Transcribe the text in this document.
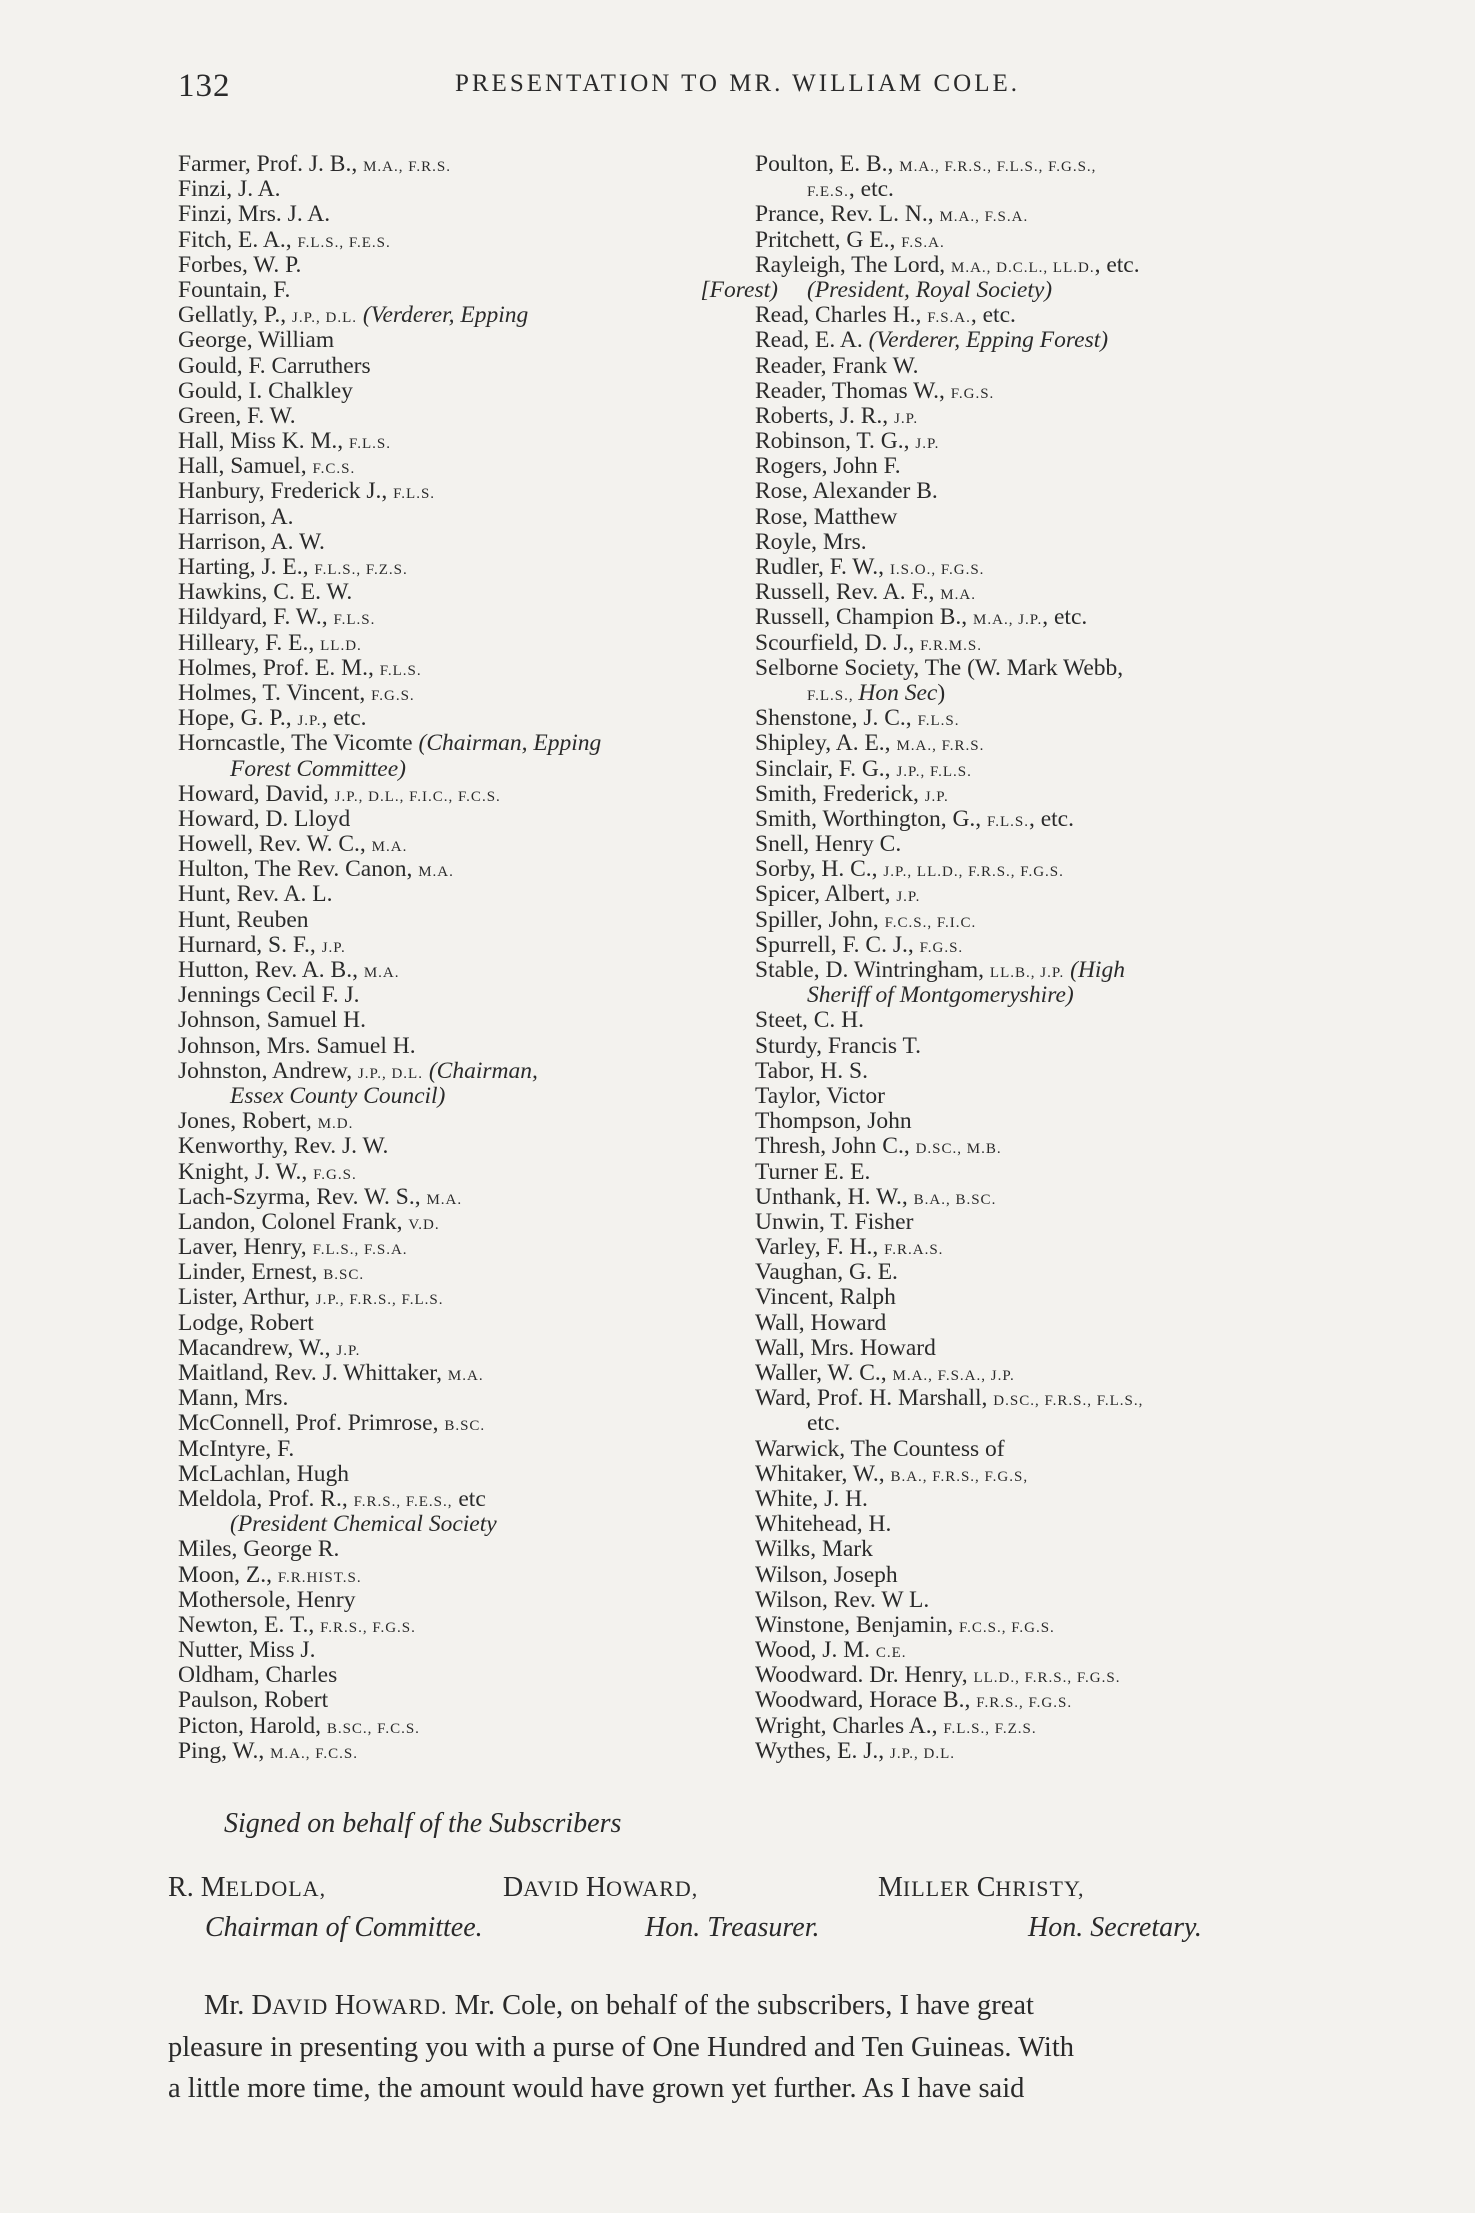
132	PRESENTATION TO MR. WILLIAM COLE.
Farmer, Prof. J. B., M.A., F.R.S.
Finzi, J. A.
Finzi, Mrs. J. A.
Fitch, E. A., F.L.S., F.E.S.
Forbes, W. P.
Fountain, F.	[Forest)
Gellatly, P., J.P., D.L. (Verderer, Epping
George, William
Gould, F. Carruthers
Gould, I. Chalkley
Green, F. W.
Hall, Miss K. M., F.L.S.
Hall, Samuel, F.C.S.
Hanbury, Frederick J., F.L.S.
Harrison, A.
Harrison, A. W.
Harting, J. E., F.L.S., F.Z.S.
Hawkins, C. E. W.
Hildyard, F. W., F.L.S.
Hilleary, F. E., LL.D.
Holmes, Prof. E. M., F.L.S.
Holmes, T. Vincent, F.G.S.
Hope, G. P., J.P., etc.
Horncastle, The Vicomte (Chairman, Epping
Forest Committee)
Howard, David, J.P., D.L., F.I.C., F.C.S.
Howard, D. Lloyd
Howell, Rev. W. C., M.A.
Hulton, The Rev. Canon, M.A.
Hunt, Rev. A. L.
Hunt, Reuben
Hurnard, S. F., J.P.
Hutton, Rev. A. B., M.A.
Jennings Cecil F. J.
Johnson, Samuel H.
Johnson, Mrs. Samuel H.
Johnston, Andrew, J.P., D.L. (Chairman,
Essex County Council)
Jones, Robert, M.D.
Kenworthy, Rev. J. W.
Knight, J. W., F.G.S.
Lach-Szyrma, Rev. W. S., M.A.
Landon, Colonel Frank, V.D.
Laver, Henry, F.L.S., F.S.A.
Linder, Ernest, B.SC.
Lister, Arthur, J.P., F.R.S., F.L.S.
Lodge, Robert
Macandrew, W., J.P.
Maitland, Rev. J. Whittaker, M.A.
Mann, Mrs.
McConnell, Prof. Primrose, B.SC.
McIntyre, F.
McLachlan, Hugh
Meldola, Prof. R., F.R.S., F.E.S., etc
(President Chemical Society
Miles, George R.
Moon, Z., F.R.HIST.S.
Mothersole, Henry
Newton, E. T., F.R.S., F.G.S.
Nutter, Miss J.
Oldham, Charles
Paulson, Robert
Picton, Harold, B.SC., F.C.S.
Ping, W., M.A., F.C.S.
Poulton, E. B., M.A., F.R.S., F.L.S., F.G.S.,
F.E.S., etc.
Prance, Rev. L. N., M.A., F.S.A.
Pritchett, G E., F.S.A.
Rayleigh, The Lord, M.A., D.C.L., LL.D., etc.
(President, Royal Society)
Read, Charles H., F.S.A., etc.
Read, E. A. (Verderer, Epping Forest)
Reader, Frank W.
Reader, Thomas W., F.G.S.
Roberts, J. R., J.P.
Robinson, T. G., J.P.
Rogers, John F.
Rose, Alexander B.
Rose, Matthew
Royle, Mrs.
Rudler, F. W., I.S.O., F.G.S.
Russell, Rev. A. F., M.A.
Russell, Champion B., M.A., J.P., etc.
Scourfield, D. J., F.R.M.S.
Selborne Society, The (W. Mark Webb,
F.L.S., Hon Sec)
Shenstone, J. C., F.L.S.
Shipley, A. E., M.A., F.R.S.
Sinclair, F. G., J.P., F.L.S.
Smith, Frederick, J.P.
Smith, Worthington, G., F.L.S., etc.
Snell, Henry C.
Sorby, H. C., J.P., LL.D., F.R.S., F.G.S.
Spicer, Albert, J.P.
Spiller, John, F.C.S., F.I.C.
Spurrell, F. C. J., F.G.S.
Stable, D. Wintringham, LL.B., J.P. (High
Sheriff of Montgomeryshire)
Steet, C. H.
Sturdy, Francis T.
Tabor, H. S.
Taylor, Victor
Thompson, John
Thresh, John C., D.SC., M.B.
Turner E. E.
Unthank, H. W., B.A., B.SC.
Unwin, T. Fisher
Varley, F. H., F.R.A.S.
Vaughan, G. E.
Vincent, Ralph
Wall, Howard
Wall, Mrs. Howard
Waller, W. C., M.A., F.S.A., J.P.
Ward, Prof. H. Marshall, D.SC., F.R.S., F.L.S.,
etc.
Warwick, The Countess of
Whitaker, W., B.A., F.R.S., F.G.S,
White, J. H.
Whitehead, H.
Wilks, Mark
Wilson, Joseph
Wilson, Rev. W L.
Winstone, Benjamin, F.C.S., F.G.S.
Wood, J. M. C.E.
Woodward. Dr. Henry, LL.D., F.R.S., F.G.S.
Woodward, Horace B., F.R.S., F.G.S.
Wright, Charles A., F.L.S., F.Z.S.
Wythes, E. J., J.P., D.L.
Signed on behalf of the Subscribers
R. MELDOLA,	DAVID HOWARD,	MILLER CHRISTY,
Chairman of Committee.	Hon. Treasurer.	Hon. Secretary.
Mr. DAVID HOWARD. Mr. Cole, on behalf of the subscribers, I have great
pleasure in presenting you with a purse of One Hundred and Ten Guineas. With
a little more time, the amount would have grown yet further. As I have said
